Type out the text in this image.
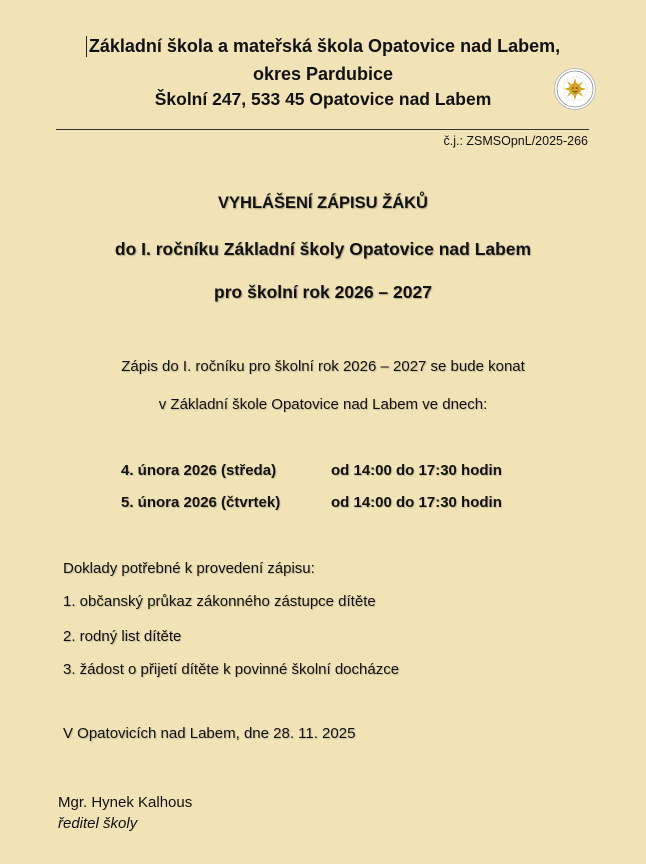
Základní škola a mateřská škola Opatovice nad Labem,
okres Pardubice
Školní 247, 533 45 Opatovice nad Labem
č.j.: ZSMSOpnL/2025-266
VYHLÁŠENÍ ZÁPISU ŽÁKŮ
do I. ročníku Základní školy Opatovice nad Labem
pro školní rok 2026 – 2027
Zápis do I. ročníku pro školní rok 2026 – 2027 se bude konat
v Základní škole Opatovice nad Labem ve dnech:
4. února 2026 (středa)	od 14:00 do 17:30 hodin
5. února 2026 (čtvrtek)	od 14:00 do 17:30 hodin
Doklady potřebné k provedení zápisu:
1. občanský průkaz zákonného zástupce dítěte
2. rodný list dítěte
3. žádost o přijetí dítěte k povinné školní docházce
V Opatovicích nad Labem, dne 28. 11. 2025
Mgr. Hynek Kalhous
ředitel školy
